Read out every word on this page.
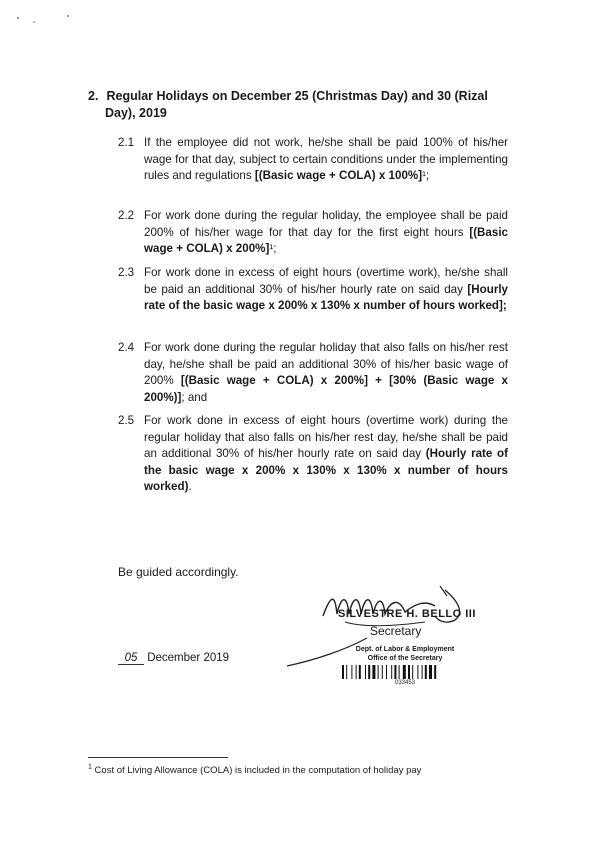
2. Regular Holidays on December 25 (Christmas Day) and 30 (Rizal
Day), 2019
2.1 If the employee did not work, he/she shall be paid 100% of his/her wage for that day, subject to certain conditions under the implementing rules and regulations [(Basic wage + COLA) x 100%]¹;
2.2 For work done during the regular holiday, the employee shall be paid 200% of his/her wage for that day for the first eight hours [(Basic wage + COLA) x 200%]¹;
2.3 For work done in excess of eight hours (overtime work), he/she shall be paid an additional 30% of his/her hourly rate on said day [Hourly rate of the basic wage x 200% x 130% x number of hours worked];
2.4 For work done during the regular holiday that also falls on his/her rest day, he/she shall be paid an additional 30% of his/her basic wage of 200% [(Basic wage + COLA) x 200%] + [30% (Basic wage x 200%)]; and
2.5 For work done in excess of eight hours (overtime work) during the regular holiday that also falls on his/her rest day, he/she shall be paid an additional 30% of his/her hourly rate on said day (Hourly rate of the basic wage x 200% x 130% x 130% x number of hours worked).
Be guided accordingly.
SILVESTRE H. BELLO III
Secretary
05 December 2019
Dept. of Labor & Employment
Office of the Secretary
033453
$^1$ Cost of Living Allowance (COLA) is included in the computation of holiday pay
